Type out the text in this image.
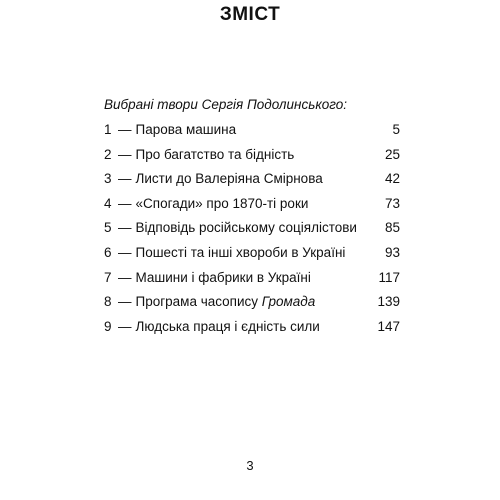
ЗМІСТ
Вибрані твори Сергія Подолинського:
1 — Парова машина	5
2 — Про багатство та бідність	25
3 — Листи до Валеріяна Смірнова	42
4 — «Спогади» про 1870-ті роки	73
5 — Відповідь російському соціялістови 85
6 — Пошесті та інші хвороби в Україні	93
7 — Машини і фабрики в Україні	117
8 — Програма часопису Громада	139
9 — Людська праця і єдність сили	147
3
